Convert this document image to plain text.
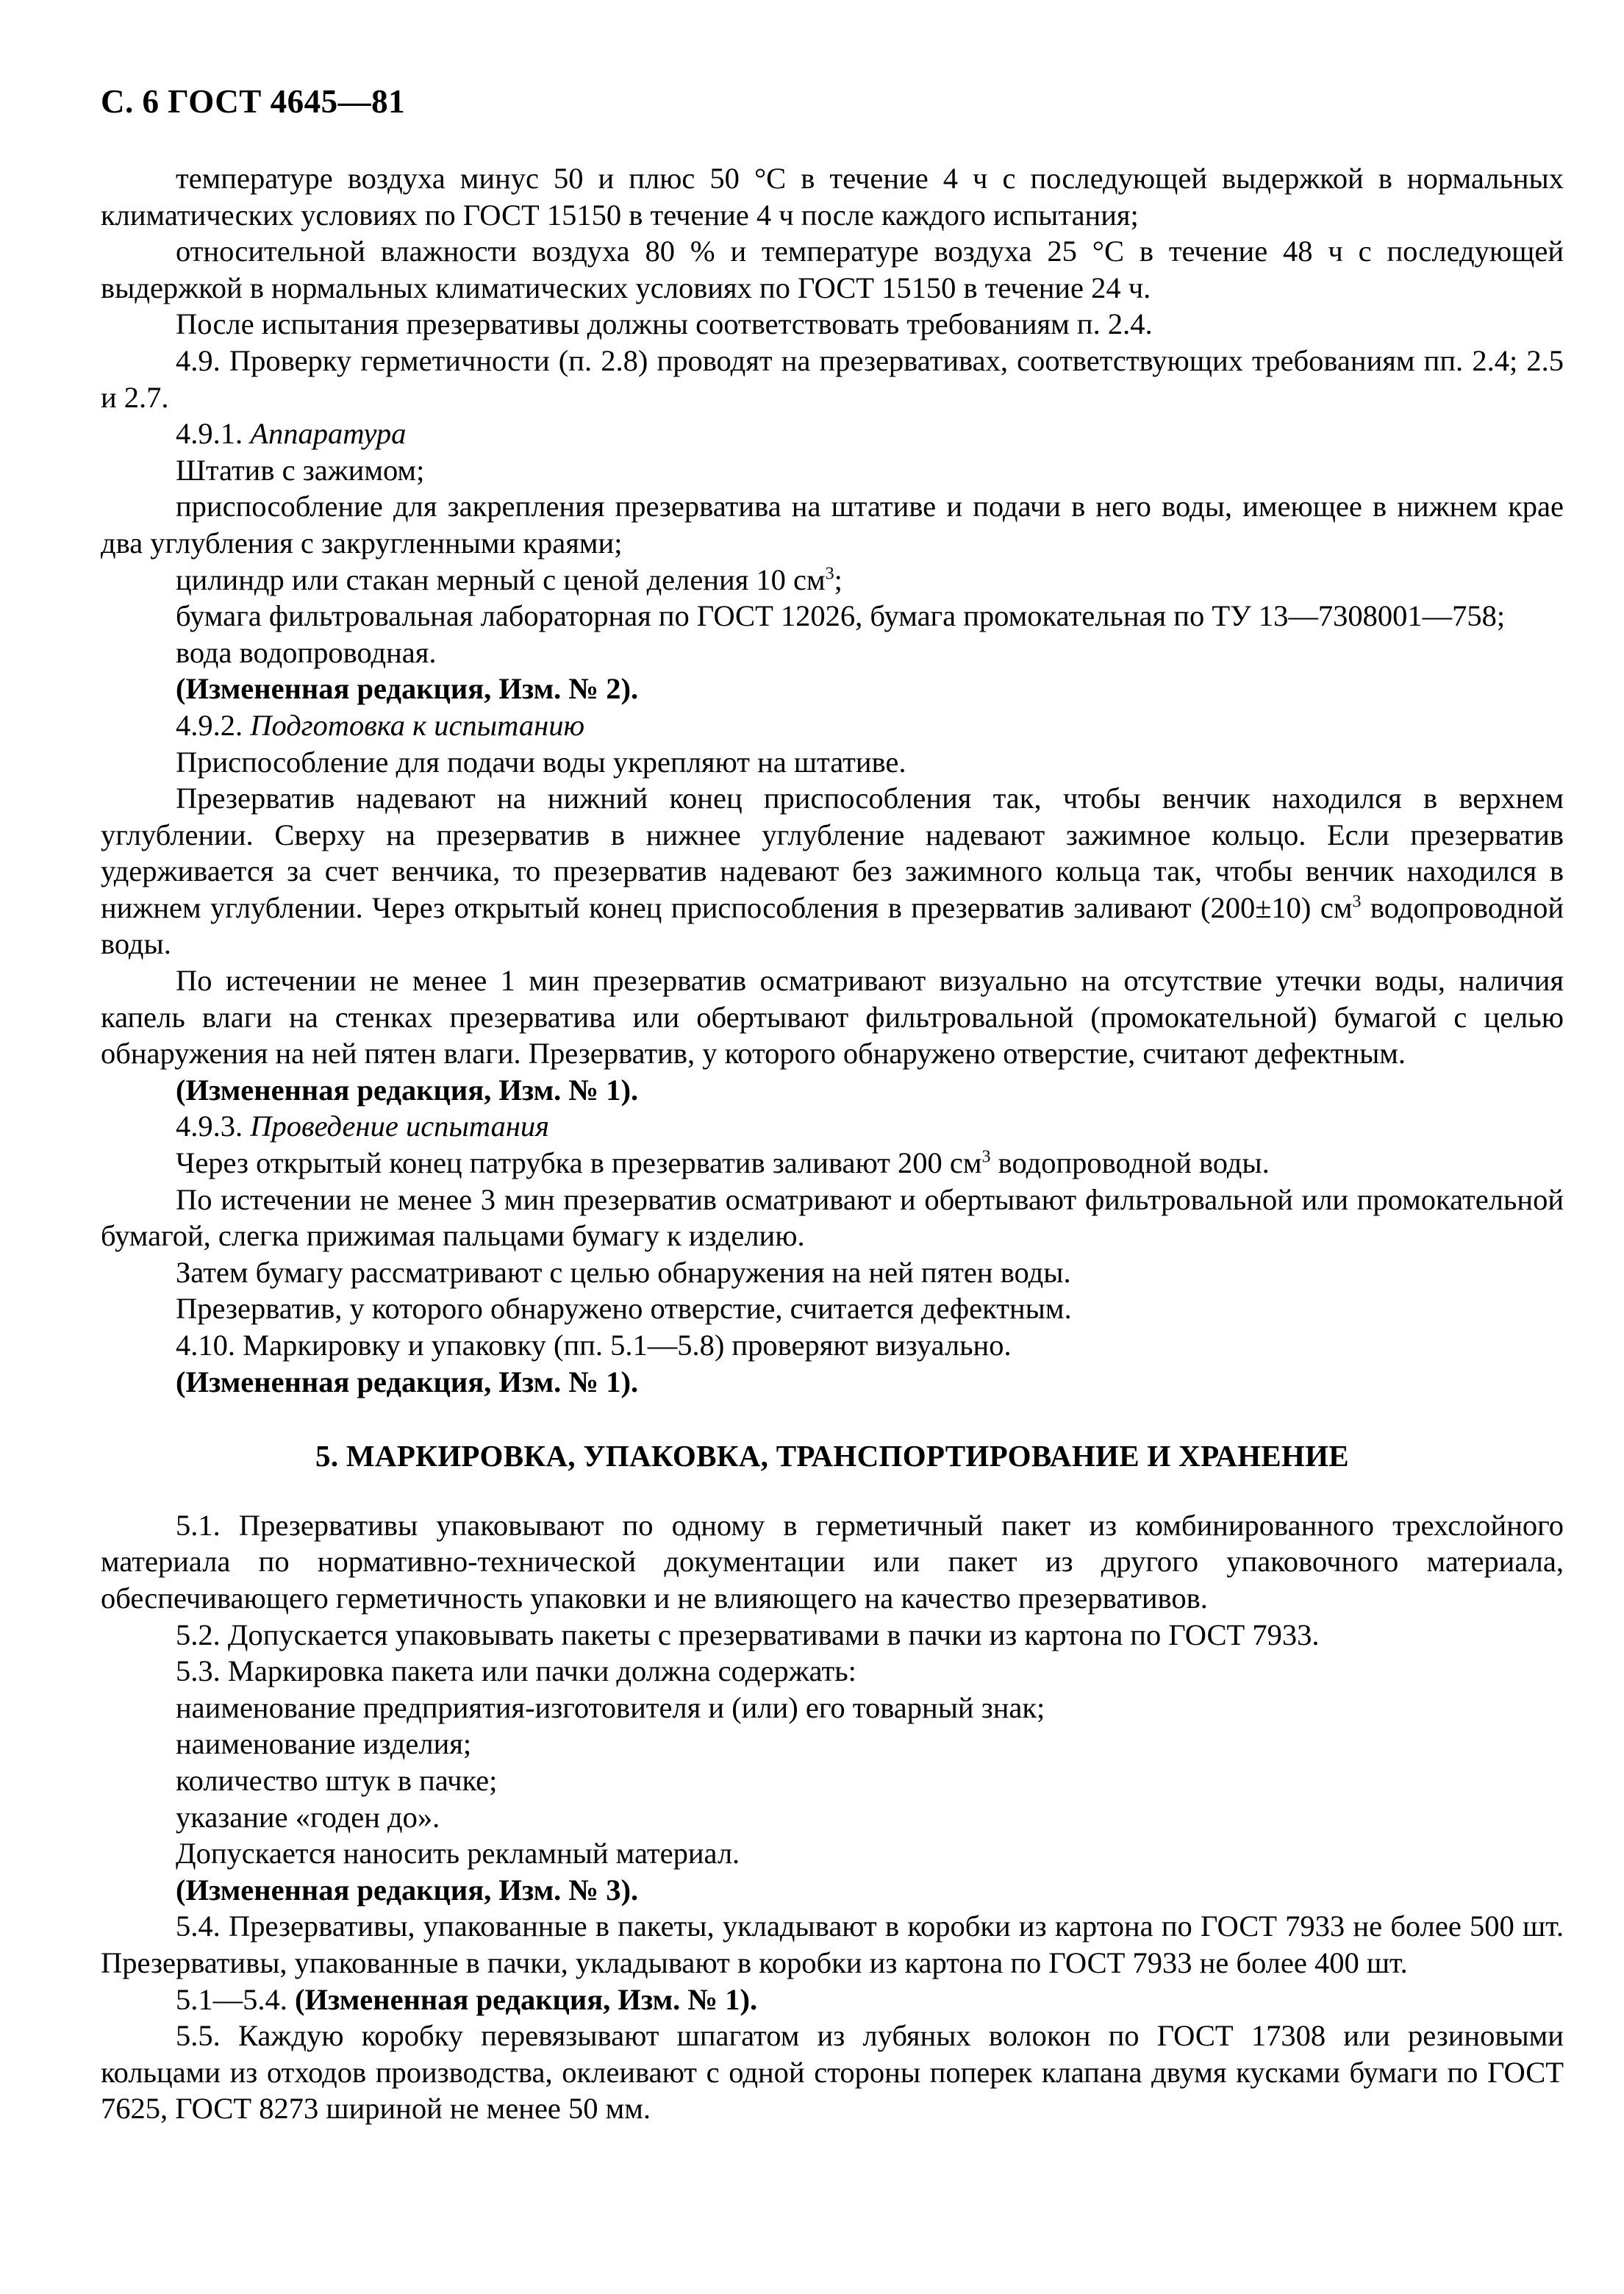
С. 6 ГОСТ 4645—81

температуре воздуха минус 50 и плюс 50 °С в течение 4 ч с последующей выдержкой в нормальных климатических условиях по ГОСТ 15150 в течение 4 ч после каждого испытания;

относительной влажности воздуха 80 % и температуре воздуха 25 °С в течение 48 ч с последующей выдержкой в нормальных климатических условиях по ГОСТ 15150 в течение 24 ч.

После испытания презервативы должны соответствовать требованиям п. 2.4.

4.9. Проверку герметичности (п. 2.8) проводят на презервативах, соответствующих требованиям пп. 2.4; 2.5 и 2.7.

4.9.1. Аппаратура

Штатив с зажимом;

приспособление для закрепления презерватива на штативе и подачи в него воды, имеющее в нижнем крае два углубления с закругленными краями;

цилиндр или стакан мерный с ценой деления 10 $см^3$;

бумага фильтровальная лабораторная по ГОСТ 12026, бумага промокательная по ТУ 13—7308001—758;

вода водопроводная.

(Измененная редакция, Изм. № 2).

4.9.2. Подготовка к испытанию

Приспособление для подачи воды укрепляют на штативе.

Презерватив надевают на нижний конец приспособления так, чтобы венчик находился в верхнем углублении. Сверху на презерватив в нижнее углубление надевают зажимное кольцо. Если презерватив удерживается за счет венчика, то презерватив надевают без зажимного кольца так, чтобы венчик находился в нижнем углублении. Через открытый конец приспособления в презерватив заливают (200±10) $см^3$ водопроводной воды.

По истечении не менее 1 мин презерватив осматривают визуально на отсутствие утечки воды, наличия капель влаги на стенках презерватива или обертывают фильтровальной (промокательной) бумагой с целью обнаружения на ней пятен влаги. Презерватив, у которого обнаружено отверстие, считают дефектным.

(Измененная редакция, Изм. № 1).

4.9.3. Проведение испытания

Через открытый конец патрубка в презерватив заливают 200 $см^3$ водопроводной воды.

По истечении не менее 3 мин презерватив осматривают и обертывают фильтровальной или промокательной бумагой, слегка прижимая пальцами бумагу к изделию.

Затем бумагу рассматривают с целью обнаружения на ней пятен воды.

Презерватив, у которого обнаружено отверстие, считается дефектным.

4.10. Маркировку и упаковку (пп. 5.1—5.8) проверяют визуально.

(Измененная редакция, Изм. № 1).

5. МАРКИРОВКА, УПАКОВКА, ТРАНСПОРТИРОВАНИЕ И ХРАНЕНИЕ

5.1. Презервативы упаковывают по одному в герметичный пакет из комбинированного трехслойного материала по нормативно-технической документации или пакет из другого упаковочного материала, обеспечивающего герметичность упаковки и не влияющего на качество презервативов.

5.2. Допускается упаковывать пакеты с презервативами в пачки из картона по ГОСТ 7933.

5.3. Маркировка пакета или пачки должна содержать:

наименование предприятия-изготовителя и (или) его товарный знак;

наименование изделия;

количество штук в пачке;

указание «годен до».

Допускается наносить рекламный материал.

(Измененная редакция, Изм. № 3).

5.4. Презервативы, упакованные в пакеты, укладывают в коробки из картона по ГОСТ 7933 не более 500 шт. Презервативы, упакованные в пачки, укладывают в коробки из картона по ГОСТ 7933 не более 400 шт.

5.1—5.4. (Измененная редакция, Изм. № 1).

5.5. Каждую коробку перевязывают шпагатом из лубяных волокон по ГОСТ 17308 или резиновыми кольцами из отходов производства, оклеивают с одной стороны поперек клапана двумя кусками бумаги по ГОСТ 7625, ГОСТ 8273 шириной не менее 50 мм.
